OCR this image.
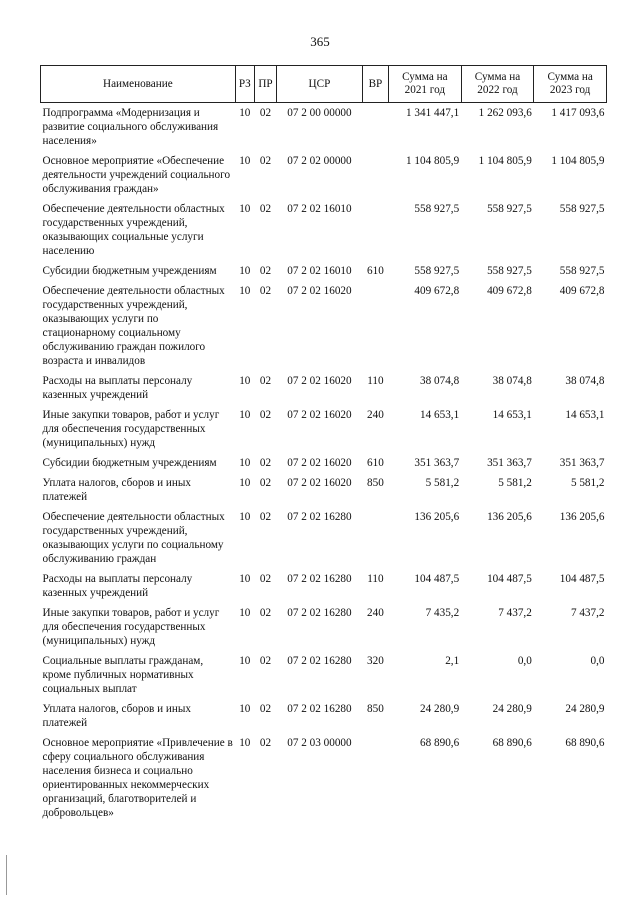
365
Наименование	РЗ	ПР	ЦСР	ВР	Сумма на 2021 год	Сумма на 2022 год	Сумма на 2023 год
Подпрограмма «Модернизация и развитие социального обслуживания населения»	10	02	07 2 00 00000		1 341 447,1	1 262 093,6	1 417 093,6
Основное мероприятие «Обеспечение деятельности учреждений социального обслуживания граждан»	10	02	07 2 02 00000		1 104 805,9	1 104 805,9	1 104 805,9
Обеспечение деятельности областных государственных учреждений, оказывающих социальные услуги населению	10	02	07 2 02 16010		558 927,5	558 927,5	558 927,5
Субсидии бюджетным учреждениям	10	02	07 2 02 16010	610	558 927,5	558 927,5	558 927,5
Обеспечение деятельности областных государственных учреждений, оказывающих услуги по стационарному социальному обслуживанию граждан пожилого возраста и инвалидов	10	02	07 2 02 16020		409 672,8	409 672,8	409 672,8
Расходы на выплаты персоналу казенных учреждений	10	02	07 2 02 16020	110	38 074,8	38 074,8	38 074,8
Иные закупки товаров, работ и услуг для обеспечения государственных (муниципальных) нужд	10	02	07 2 02 16020	240	14 653,1	14 653,1	14 653,1
Субсидии бюджетным учреждениям	10	02	07 2 02 16020	610	351 363,7	351 363,7	351 363,7
Уплата налогов, сборов и иных платежей	10	02	07 2 02 16020	850	5 581,2	5 581,2	5 581,2
Обеспечение деятельности областных государственных учреждений, оказывающих услуги по социальному обслуживанию граждан	10	02	07 2 02 16280		136 205,6	136 205,6	136 205,6
Расходы на выплаты персоналу казенных учреждений	10	02	07 2 02 16280	110	104 487,5	104 487,5	104 487,5
Иные закупки товаров, работ и услуг для обеспечения государственных (муниципальных) нужд	10	02	07 2 02 16280	240	7 435,2	7 437,2	7 437,2
Социальные выплаты гражданам, кроме публичных нормативных социальных выплат	10	02	07 2 02 16280	320	2,1	0,0	0,0
Уплата налогов, сборов и иных платежей	10	02	07 2 02 16280	850	24 280,9	24 280,9	24 280,9
Основное мероприятие «Привлечение в сферу социального обслуживания населения бизнеса и социально ориентированных некоммерческих организаций, благотворителей и добровольцев»	10	02	07 2 03 00000		68 890,6	68 890,6	68 890,6
